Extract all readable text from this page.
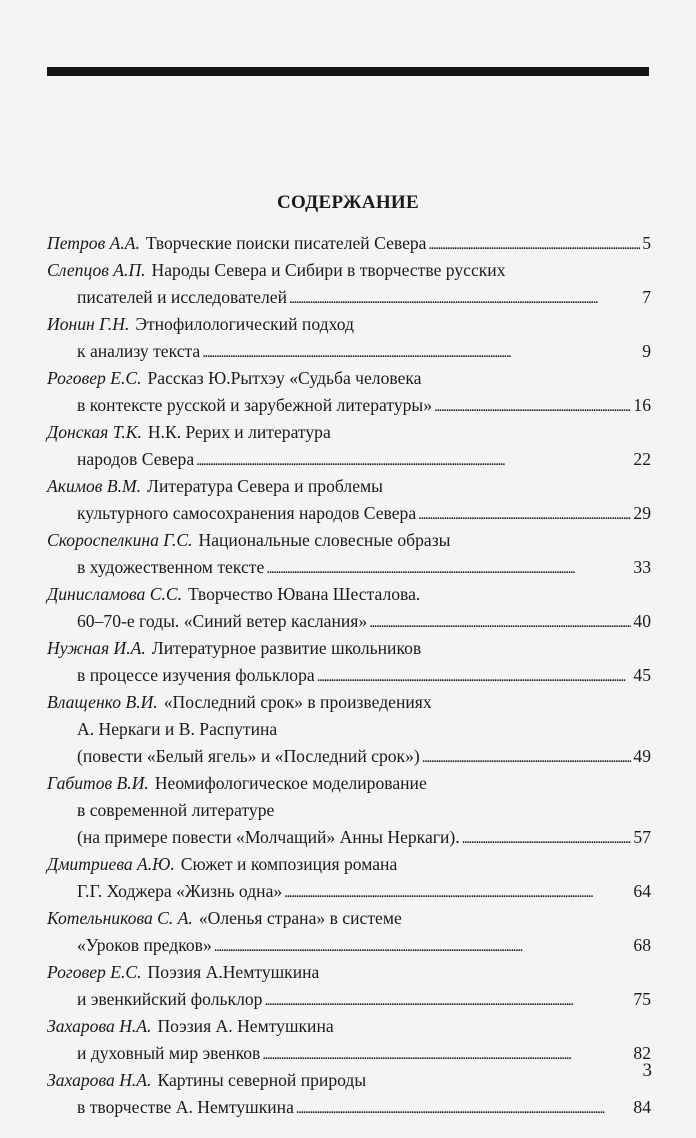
СОДЕРЖАНИЕ
Петров А.А. Творческие поиски писателей Севера . . .	5
Слепцов А.П. Народы Севера и Сибири в творчестве русских
писателей и исследователей . . .	7
Ионин Г.Н. Этнофилологический подход
к анализу текста . . .	9
Роговер Е.С. Рассказ Ю.Рытхэу «Судьба человека
в контексте русской и зарубежной литературы» . . .	16
Донская Т.К. Н.К. Рерих и литература
народов Севера . . .	22
Акимов В.М. Литература Севера и проблемы
культурного самосохранения народов Севера . . .	29
Скороспелкина Г.С. Национальные словесные образы
в художественном тексте . . .	33
Динисламова С.С. Творчество Ювана Шесталова.
60–70-е годы. «Синий ветер каслания» . . .	40
Нужная И.А. Литературное развитие школьников
в процессе изучения фольклора . . .	45
Влащенко В.И. «Последний срок» в произведениях
А. Неркаги и В. Распутина
(повести «Белый ягель» и «Последний срок») . . .	49
Габитов В.И. Неомифологическое моделирование
в современной литературе
(на примере повести «Молчащий» Анны Неркаги). . . .	57
Дмитриева А.Ю. Сюжет и композиция романа
Г.Г. Ходжера «Жизнь одна» . . .	64
Котельникова С. А. «Оленья страна» в системе
«Уроков предков» . . .	68
Роговер Е.С. Поэзия А.Немтушкина
и эвенкийский фольклор . . .	75
Захарова Н.А. Поэзия А. Немтушкина
и духовный мир эвенков . . .	82
Захарова Н.А. Картины северной природы
в творчестве А. Немтушкина . . .	84
3
